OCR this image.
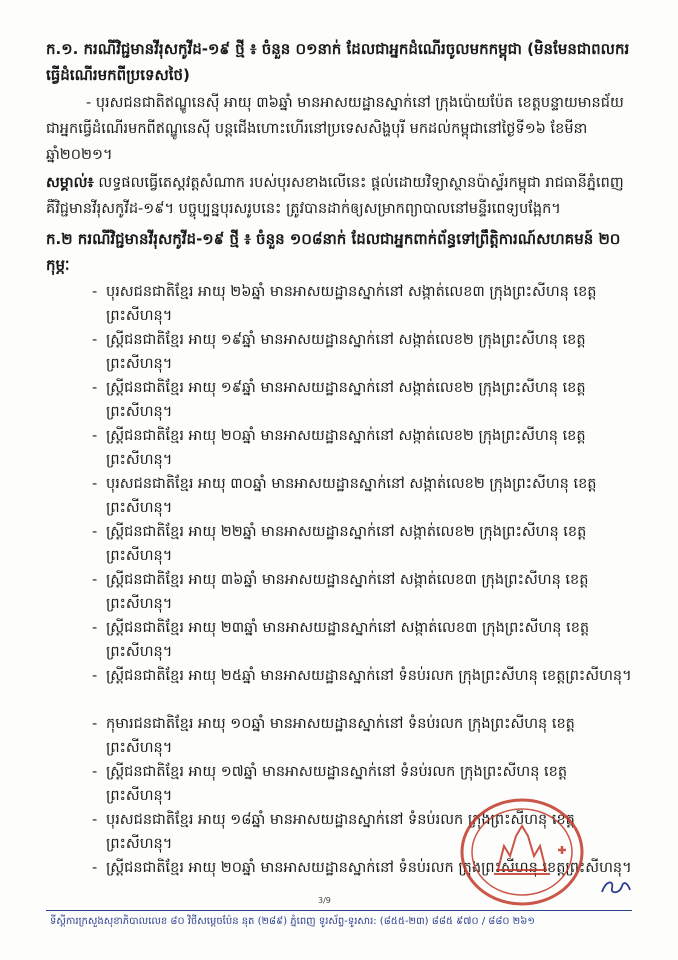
ក.១. ករណីវិជ្ជមានវីរុសកូវីដ-១៩ ថ្មី ៖ ចំនួន ០១នាក់ ដែលជាអ្នកដំណើរចូលមកកម្ពុជា (មិនមែនជាពលករធ្វើដំណើរមកពីប្រទេសថៃ)

- បុរសជនជាតិឥណ្ឌូនេស៊ី អាយុ ៣៦ឆ្នាំ មានអាសយដ្ឋានស្នាក់នៅ ក្រុងប៉ោយប៉ែត ខេត្តបន្ទាយមានជ័យ ជាអ្នកធ្វើដំណើរមកពីឥណ្ឌូនេស៊ី បន្តជើងហោះហើរនៅប្រទេសសិង្ហបុរី មកដល់កម្ពុជានៅថ្ងៃទី១៦ ខែមីនា ឆ្នាំ២០២១។

សម្គាល់៖ លទ្ធផលធ្វើតេស្តវត្តសំណាក របស់បុរសខាងលើនេះ ផ្តល់ដោយវិទ្យាស្ថានប៉ាស្ទ័រកម្ពុជា រាជធានីភ្នំពេញ គឺវិជ្ជមានវីរុសកូវីដ-១៩។ បច្ចុប្បន្នបុរសរូបនេះ ត្រូវបានដាក់ឲ្យសម្រាកព្យាបាលនៅមន្ទីរពេទ្យបង្អែក។

ក.២ ករណីវិជ្ជមានវីរុសកូវីដ-១៩ ថ្មី ៖ ចំនួន ១០៨នាក់ ដែលជាអ្នកពាក់ព័ន្ធទៅព្រឹត្តិការណ៍សហគមន៍ ២០ កុម្ភៈ

- បុរសជនជាតិខ្មែរ អាយុ ២៦ឆ្នាំ មានអាសយដ្ឋានស្នាក់នៅ សង្កាត់លេខ៣ ក្រុងព្រះសីហនុ ខេត្តព្រះសីហនុ។
- ស្ត្រីជនជាតិខ្មែរ អាយុ ១៩ឆ្នាំ មានអាសយដ្ឋានស្នាក់នៅ សង្កាត់លេខ២ ក្រុងព្រះសីហនុ ខេត្តព្រះសីហនុ។
- ស្ត្រីជនជាតិខ្មែរ អាយុ ១៩ឆ្នាំ មានអាសយដ្ឋានស្នាក់នៅ សង្កាត់លេខ២ ក្រុងព្រះសីហនុ ខេត្តព្រះសីហនុ។
- ស្ត្រីជនជាតិខ្មែរ អាយុ ២០ឆ្នាំ មានអាសយដ្ឋានស្នាក់នៅ សង្កាត់លេខ២ ក្រុងព្រះសីហនុ ខេត្តព្រះសីហនុ។
- បុរសជនជាតិខ្មែរ អាយុ ៣០ឆ្នាំ មានអាសយដ្ឋានស្នាក់នៅ សង្កាត់លេខ២ ក្រុងព្រះសីហនុ ខេត្តព្រះសីហនុ។
- ស្ត្រីជនជាតិខ្មែរ អាយុ ២២ឆ្នាំ មានអាសយដ្ឋានស្នាក់នៅ សង្កាត់លេខ២ ក្រុងព្រះសីហនុ ខេត្តព្រះសីហនុ។
- ស្ត្រីជនជាតិខ្មែរ អាយុ ៣៦ឆ្នាំ មានអាសយដ្ឋានស្នាក់នៅ សង្កាត់លេខ៣ ក្រុងព្រះសីហនុ ខេត្តព្រះសីហនុ។
- ស្ត្រីជនជាតិខ្មែរ អាយុ ២៣ឆ្នាំ មានអាសយដ្ឋានស្នាក់នៅ សង្កាត់លេខ៣ ក្រុងព្រះសីហនុ ខេត្តព្រះសីហនុ។
- ស្ត្រីជនជាតិខ្មែរ អាយុ ២៥ឆ្នាំ មានអាសយដ្ឋានស្នាក់នៅ ទំនប់រលក ក្រុងព្រះសីហនុ ខេត្តព្រះសីហនុ។
- កុមារជនជាតិខ្មែរ អាយុ ១០ឆ្នាំ មានអាសយដ្ឋានស្នាក់នៅ ទំនប់រលក ក្រុងព្រះសីហនុ ខេត្តព្រះសីហនុ។
- ស្ត្រីជនជាតិខ្មែរ អាយុ ១៧ឆ្នាំ មានអាសយដ្ឋានស្នាក់នៅ ទំនប់រលក ក្រុងព្រះសីហនុ ខេត្តព្រះសីហនុ។
- បុរសជនជាតិខ្មែរ អាយុ ១៨ឆ្នាំ មានអាសយដ្ឋានស្នាក់នៅ ទំនប់រលក ក្រុងព្រះសីហនុ ខេត្តព្រះសីហនុ។
- ស្ត្រីជនជាតិខ្មែរ អាយុ ២០ឆ្នាំ មានអាសយដ្ឋានស្នាក់នៅ ទំនប់រលក ក្រុងព្រះសីហនុ ខេត្តព្រះសីហនុ។
3/9
ទីស្តីការក្រសួងសុខាភិបាលលេខ ៨០ វិថីសម្តេចប៉ែន នុត (២៨៩) ភ្នំពេញ ទូរស័ព្ទ-ទូរសារ: (៨៥៥-២៣) ៨៨៥ ៩៧០ / ៨៨០ ២៦១
